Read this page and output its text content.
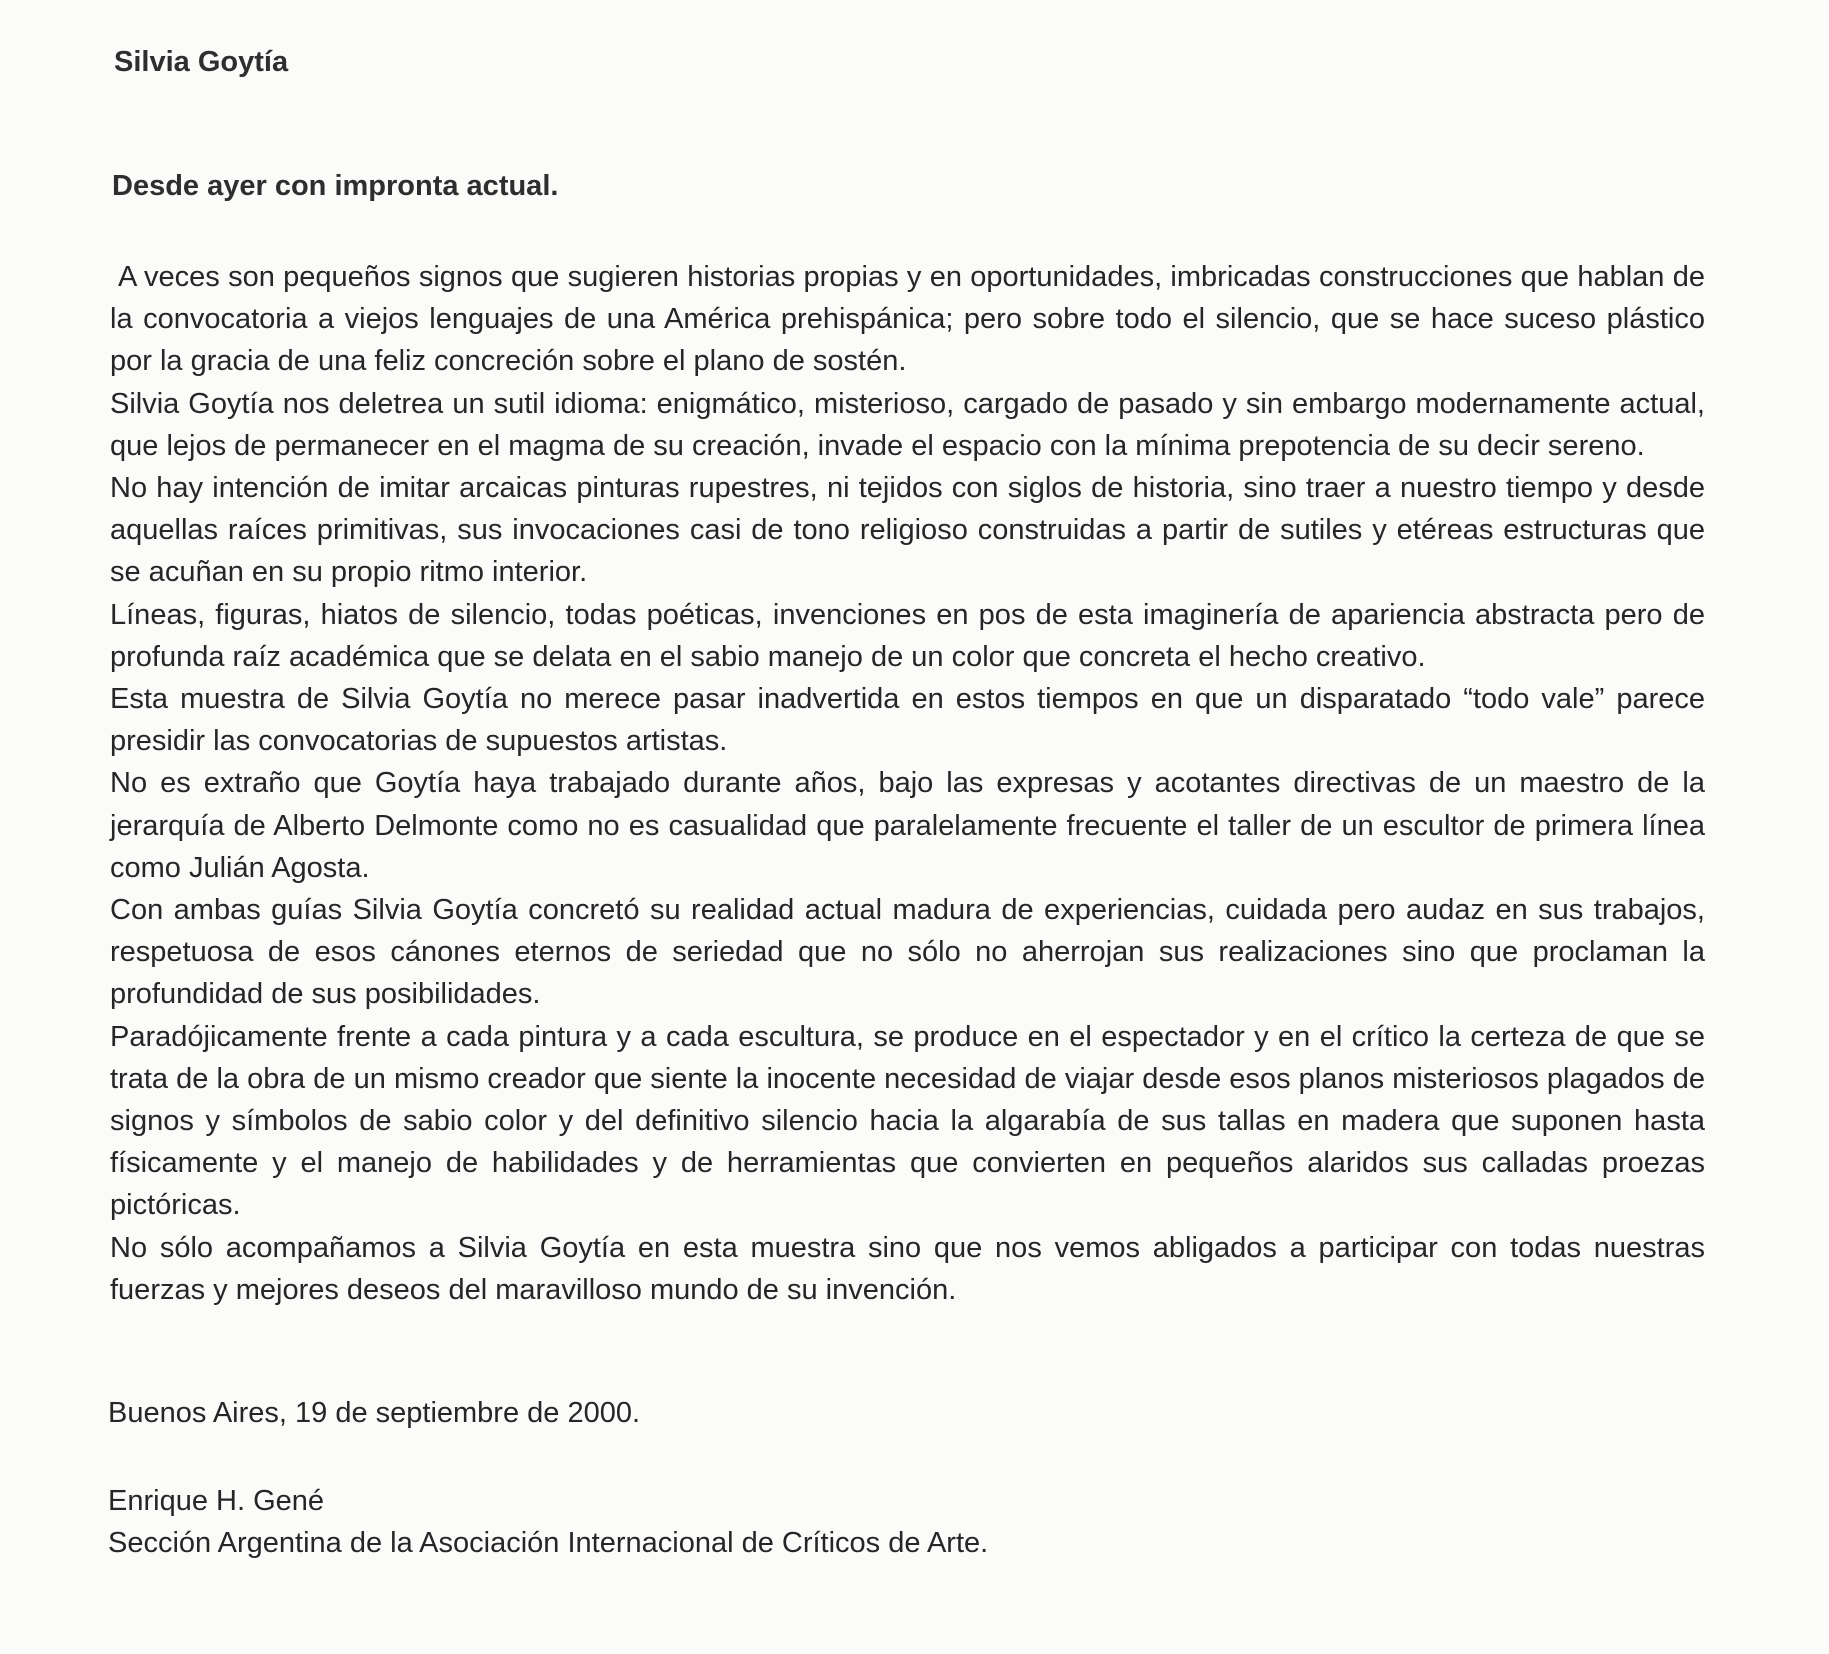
Silvia Goytía
Desde ayer con impronta actual.

A veces son pequeños signos que sugieren historias propias y en oportunidades, imbricadas construcciones que hablan de la convocatoria a viejos lenguajes de una América prehispánica; pero sobre todo el silencio, que se hace suceso plástico por la gracia de una feliz concreción sobre el plano de sostén.

Silvia Goytía nos deletrea un sutil idioma: enigmático, misterioso, cargado de pasado y sin embargo modernamente actual, que lejos de permanecer en el magma de su creación, invade el espacio con la mínima prepotencia de su decir sereno.

No hay intención de imitar arcaicas pinturas rupestres, ni tejidos con siglos de historia, sino traer a nuestro tiempo y desde aquellas raíces primitivas, sus invocaciones casi de tono religioso construidas a partir de sutiles y etéreas estructuras que se acuñan en su propio ritmo interior.

Líneas, figuras, hiatos de silencio, todas poéticas, invenciones en pos de esta imaginería de apariencia abstracta pero de profunda raíz académica que se delata en el sabio manejo de un color que concreta el hecho creativo.

Esta muestra de Silvia Goytía no merece pasar inadvertida en estos tiempos en que un disparatado “todo vale” parece presidir las convocatorias de supuestos artistas.

No es extraño que Goytía haya trabajado durante años, bajo las expresas y acotantes directivas de un maestro de la jerarquía de Alberto Delmonte como no es casualidad que paralelamente frecuente el taller de un escultor de primera línea como Julián Agosta.

Con ambas guías Silvia Goytía concretó su realidad actual madura de experiencias, cuidada pero audaz en sus trabajos, respetuosa de esos cánones eternos de seriedad que no sólo no aherrojan sus realizaciones sino que proclaman la profundidad de sus posibilidades.

Paradójicamente frente a cada pintura y a cada escultura, se produce en el espectador y en el crítico la certeza de que se trata de la obra de un mismo creador que siente la inocente necesidad de viajar desde esos planos misteriosos plagados de signos y símbolos de sabio color y del definitivo silencio hacia la algarabía de sus tallas en madera que suponen hasta físicamente y el manejo de habilidades y de herramientas que convierten en pequeños alaridos sus calladas proezas pictóricas.

No sólo acompañamos a Silvia Goytía en esta muestra sino que nos vemos abligados a participar con todas nuestras fuerzas y mejores deseos del maravilloso mundo de su invención.

Buenos Aires, 19 de septiembre de 2000.

Enrique H. Gené
Sección Argentina de la Asociación Internacional de Críticos de Arte.
